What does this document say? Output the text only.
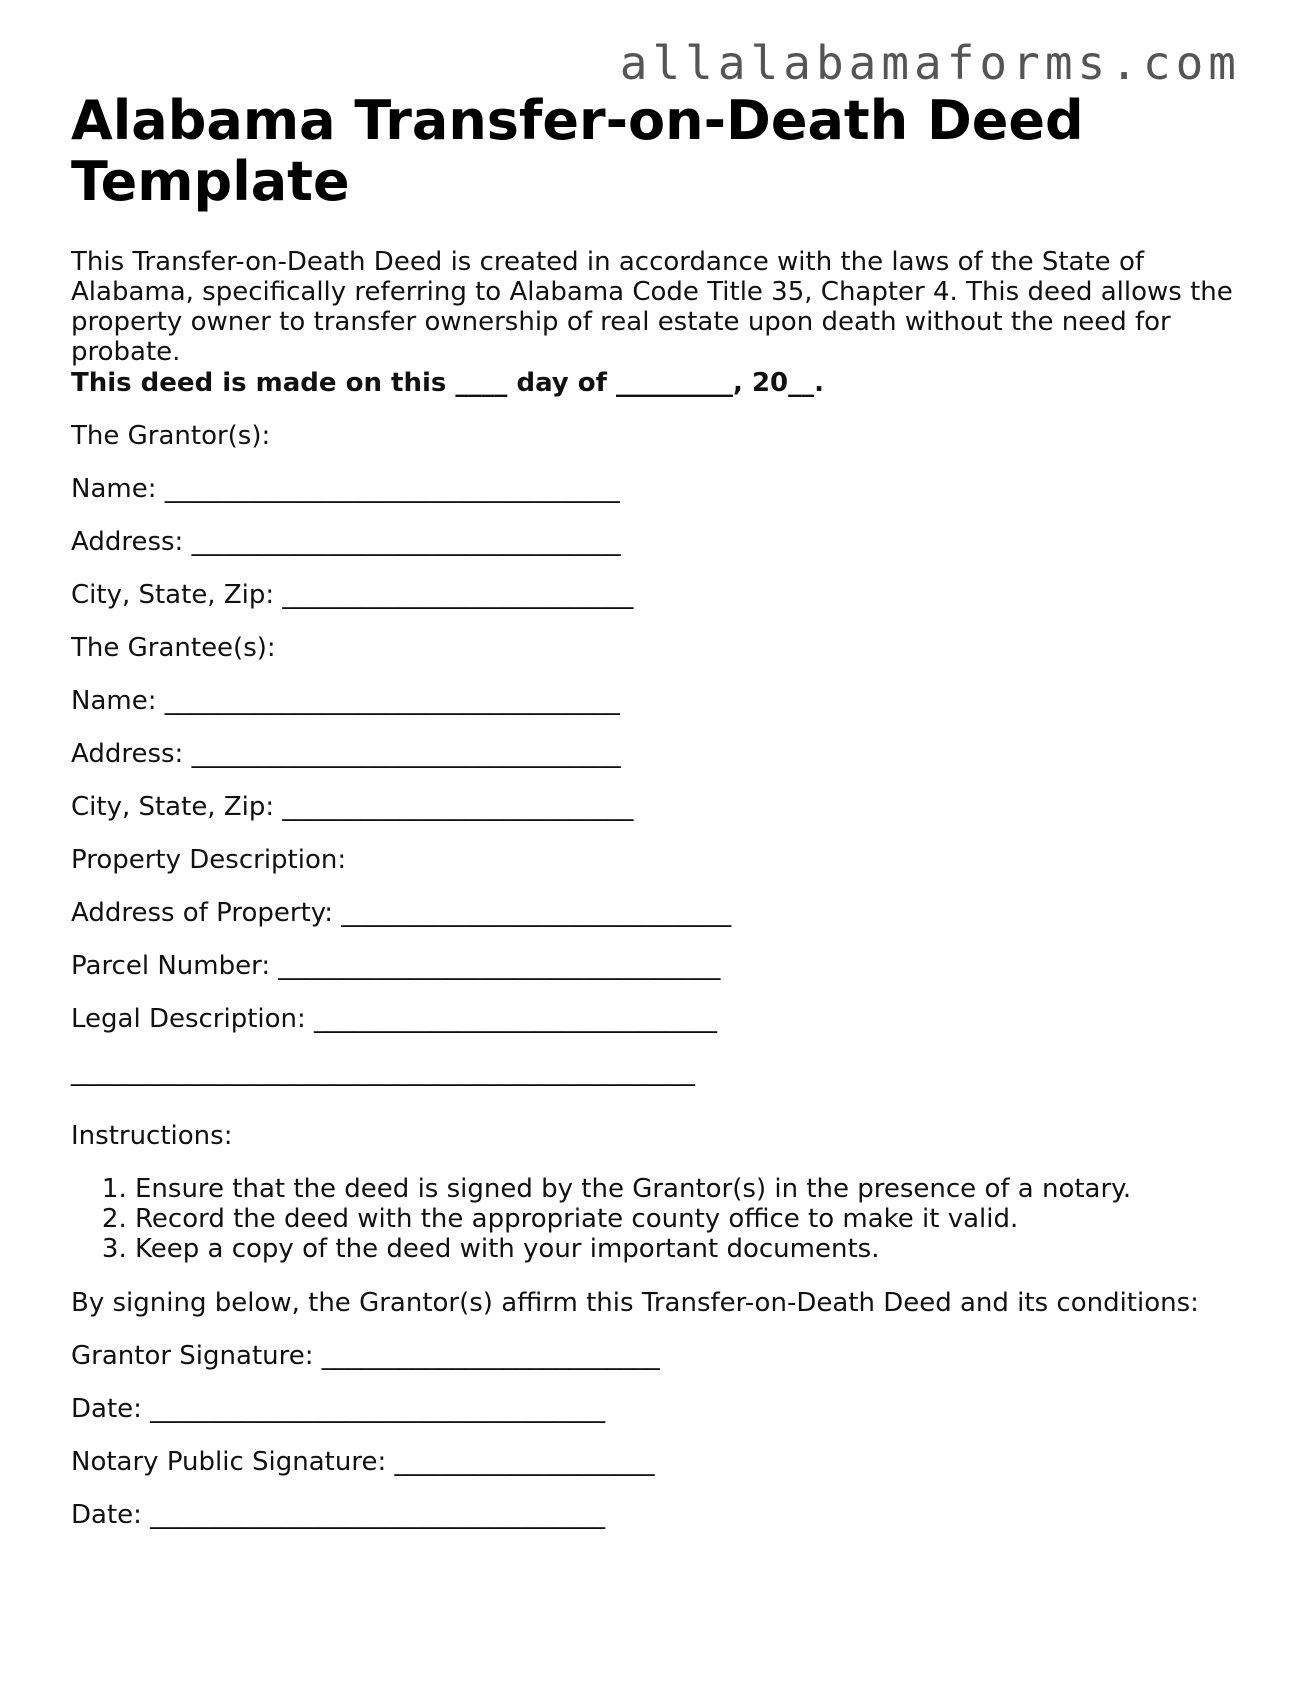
allalabamaforms.com
Alabama Transfer-on-Death Deed Template

This Transfer-on-Death Deed is created in accordance with the laws of the State of Alabama, specifically referring to Alabama Code Title 35, Chapter 4. This deed allows the property owner to transfer ownership of real estate upon death without the need for probate.

This deed is made on this ____ day of _________, 20__.

The Grantor(s):

Name: ___________________________________

Address: _________________________________

City, State, Zip: ___________________________

The Grantee(s):

Name: ___________________________________

Address: _________________________________

City, State, Zip: ___________________________

Property Description:

Address of Property: ______________________________

Parcel Number: __________________________________

Legal Description: _______________________________

________________________________________________

Instructions:

1. Ensure that the deed is signed by the Grantor(s) in the presence of a notary.
2. Record the deed with the appropriate county office to make it valid.
3. Keep a copy of the deed with your important documents.

By signing below, the Grantor(s) affirm this Transfer-on-Death Deed and its conditions:

Grantor Signature: __________________________

Date: ___________________________________

Notary Public Signature: ____________________

Date: ___________________________________
